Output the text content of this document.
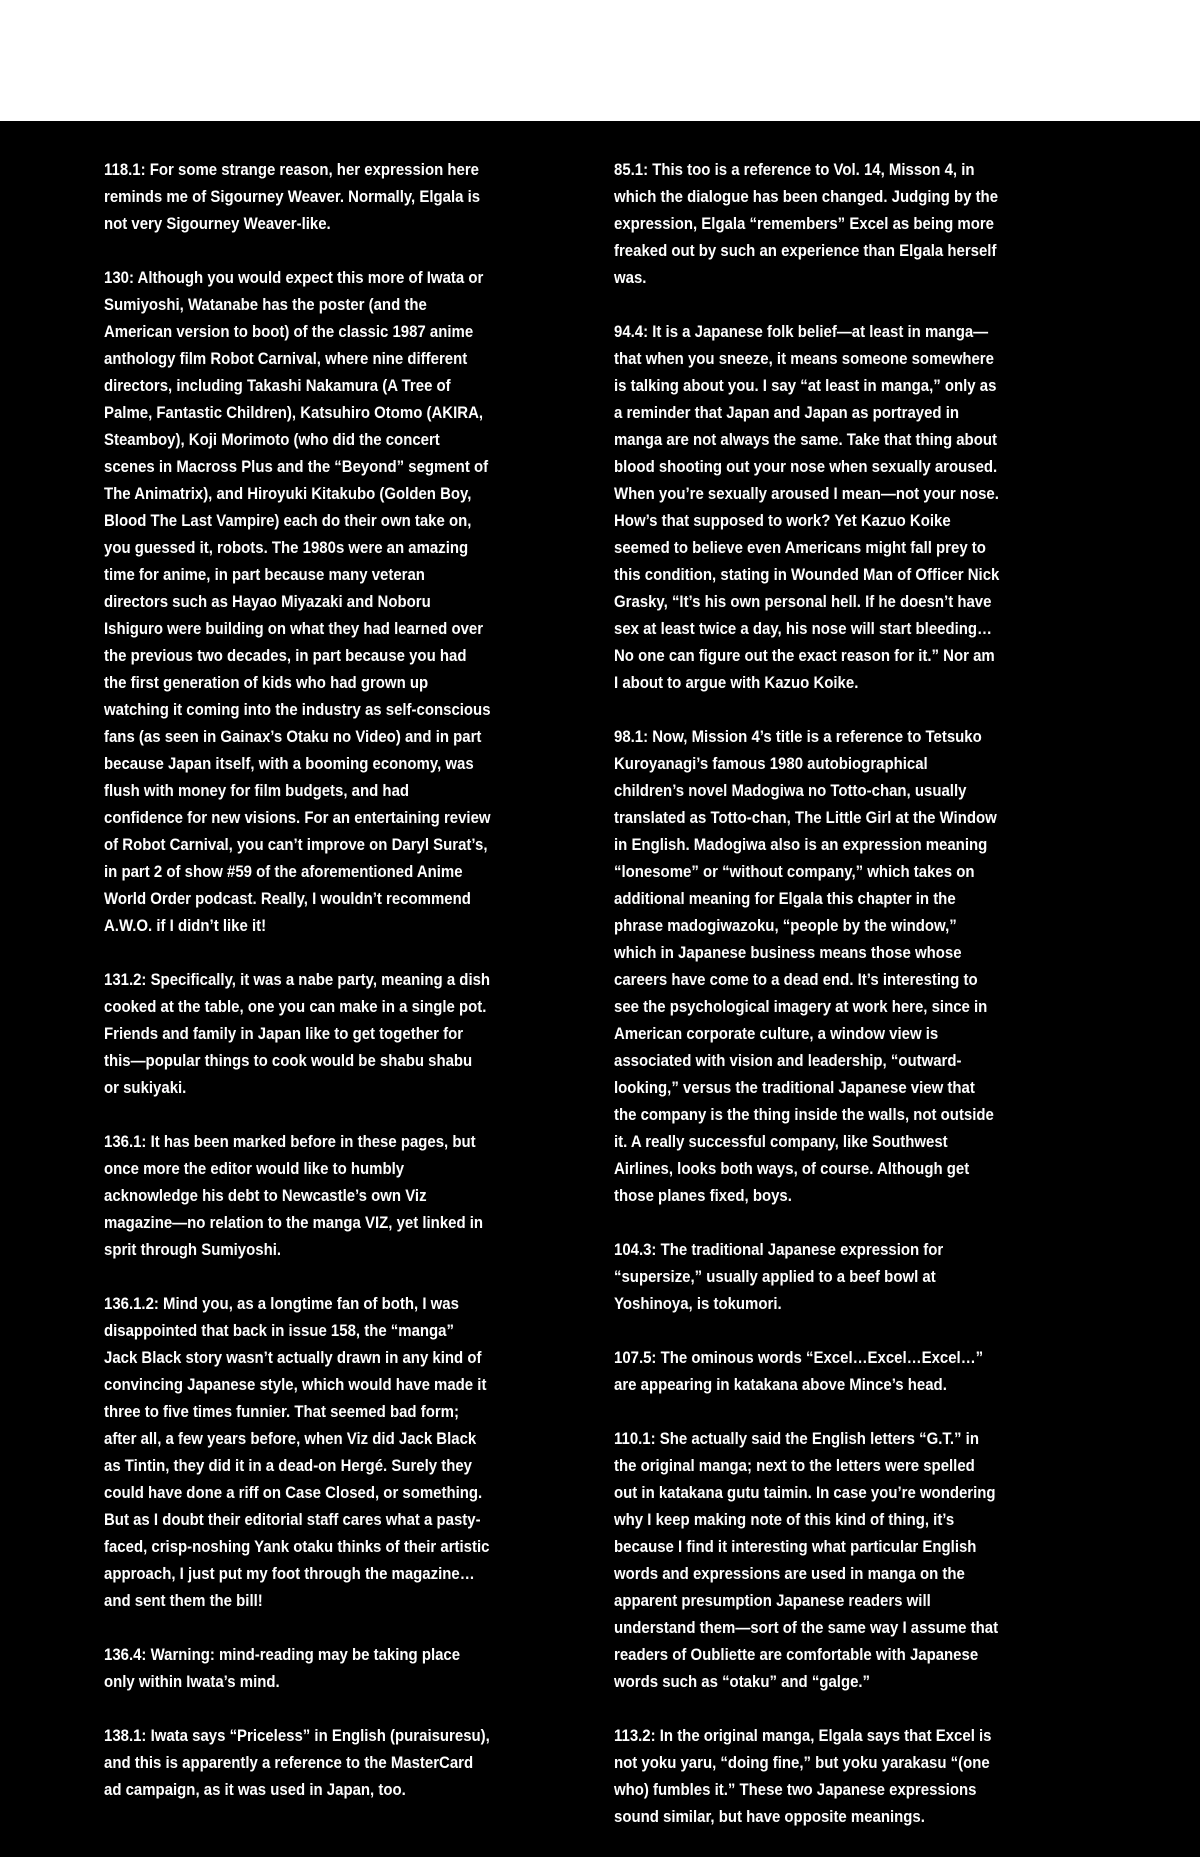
118.1: For some strange reason, her expression here reminds me of Sigourney Weaver. Normally, Elgala is not very Sigourney Weaver-like.

130: Although you would expect this more of Iwata or Sumiyoshi, Watanabe has the poster (and the American version to boot) of the classic 1987 anime anthology film Robot Carnival, where nine different directors, including Takashi Nakamura (A Tree of Palme, Fantastic Children), Katsuhiro Otomo (AKIRA, Steamboy), Koji Morimoto (who did the concert scenes in Macross Plus and the “Beyond” segment of The Animatrix), and Hiroyuki Kitakubo (Golden Boy, Blood The Last Vampire) each do their own take on, you guessed it, robots. The 1980s were an amazing time for anime, in part because many veteran directors such as Hayao Miyazaki and Noboru Ishiguro were building on what they had learned over the previous two decades, in part because you had the first generation of kids who had grown up watching it coming into the industry as self-conscious fans (as seen in Gainax’s Otaku no Video) and in part because Japan itself, with a booming economy, was flush with money for film budgets, and had confidence for new visions. For an entertaining review of Robot Carnival, you can’t improve on Daryl Surat’s, in part 2 of show #59 of the aforementioned Anime World Order podcast. Really, I wouldn’t recommend A.W.O. if I didn’t like it!

131.2: Specifically, it was a nabe party, meaning a dish cooked at the table, one you can make in a single pot. Friends and family in Japan like to get together for this—popular things to cook would be shabu shabu or sukiyaki.

136.1: It has been marked before in these pages, but once more the editor would like to humbly acknowledge his debt to Newcastle’s own Viz magazine—no relation to the manga VIZ, yet linked in sprit through Sumiyoshi.

136.1.2: Mind you, as a longtime fan of both, I was disappointed that back in issue 158, the “manga” Jack Black story wasn’t actually drawn in any kind of convincing Japanese style, which would have made it three to five times funnier. That seemed bad form; after all, a few years before, when Viz did Jack Black as Tintin, they did it in a dead-on Hergé. Surely they could have done a riff on Case Closed, or something. But as I doubt their editorial staff cares what a pasty-faced, crisp-noshing Yank otaku thinks of their artistic approach, I just put my foot through the magazine… and sent them the bill!

136.4: Warning: mind-reading may be taking place only within Iwata’s mind.

138.1: Iwata says “Priceless” in English (puraisuresu), and this is apparently a reference to the MasterCard ad campaign, as it was used in Japan, too.

85.1: This too is a reference to Vol. 14, Misson 4, in which the dialogue has been changed. Judging by the expression, Elgala “remembers” Excel as being more freaked out by such an experience than Elgala herself was.

94.4: It is a Japanese folk belief—at least in manga—that when you sneeze, it means someone somewhere is talking about you. I say “at least in manga,” only as a reminder that Japan and Japan as portrayed in manga are not always the same. Take that thing about blood shooting out your nose when sexually aroused. When you’re sexually aroused I mean—not your nose. How’s that supposed to work? Yet Kazuo Koike seemed to believe even Americans might fall prey to this condition, stating in Wounded Man of Officer Nick Grasky, “It’s his own personal hell. If he doesn’t have sex at least twice a day, his nose will start bleeding…No one can figure out the exact reason for it.” Nor am I about to argue with Kazuo Koike.

98.1: Now, Mission 4’s title is a reference to Tetsuko Kuroyanagi’s famous 1980 autobiographical children’s novel Madogiwa no Totto-chan, usually translated as Totto-chan, The Little Girl at the Window in English. Madogiwa also is an expression meaning “lonesome” or “without company,” which takes on additional meaning for Elgala this chapter in the phrase madogiwazoku, “people by the window,” which in Japanese business means those whose careers have come to a dead end. It’s interesting to see the psychological imagery at work here, since in American corporate culture, a window view is associated with vision and leadership, “outward-looking,” versus the traditional Japanese view that the company is the thing inside the walls, not outside it. A really successful company, like Southwest Airlines, looks both ways, of course. Although get those planes fixed, boys.

104.3: The traditional Japanese expression for “supersize,” usually applied to a beef bowl at Yoshinoya, is tokumori.

107.5: The ominous words “Excel…Excel…Excel…” are appearing in katakana above Mince’s head.

110.1: She actually said the English letters “G.T.” in the original manga; next to the letters were spelled out in katakana gutu taimin. In case you’re wondering why I keep making note of this kind of thing, it’s because I find it interesting what particular English words and expressions are used in manga on the apparent presumption Japanese readers will understand them—sort of the same way I assume that readers of Oubliette are comfortable with Japanese words such as “otaku” and “galge.”

113.2: In the original manga, Elgala says that Excel is not yoku yaru, “doing fine,” but yoku yarakasu “(one who) fumbles it.” These two Japanese expressions sound similar, but have opposite meanings.
